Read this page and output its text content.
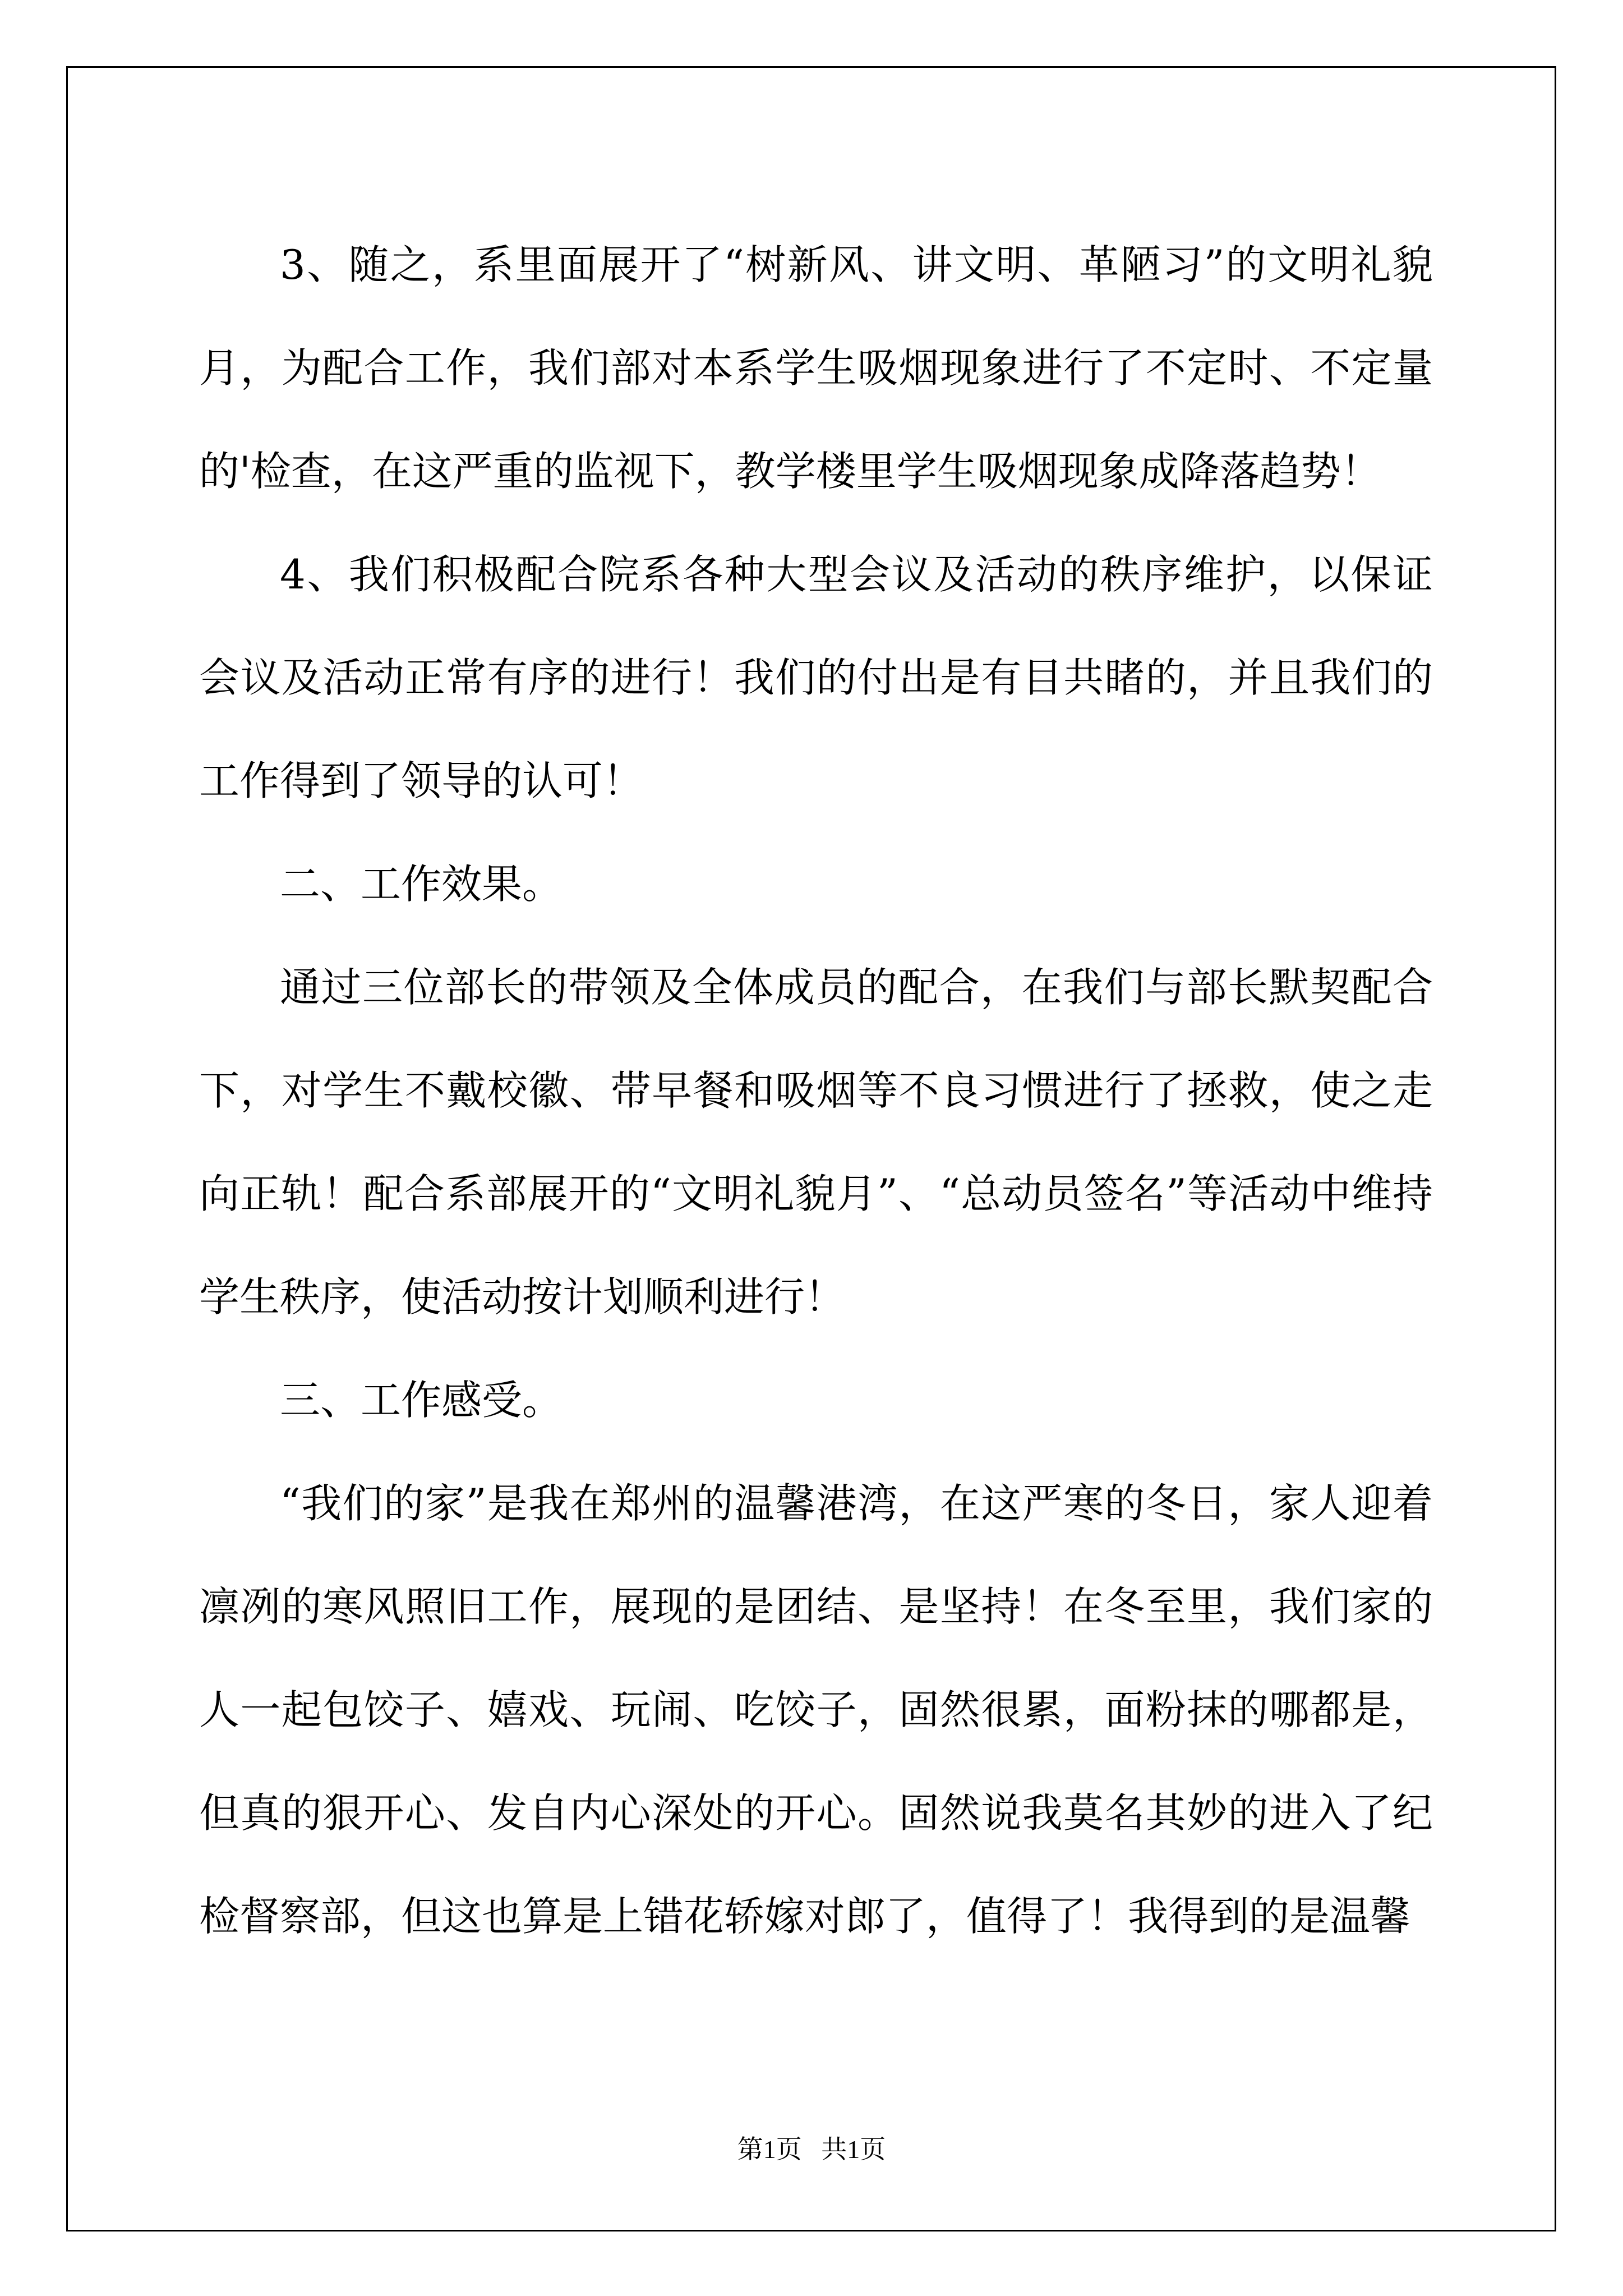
3、随之，系里面展开了“树新风、讲文明、革陋习”的文明礼貌月，为配合工作，我们部对本系学生吸烟现象进行了不定时、不定量的'检查，在这严重的监视下，教学楼里学生吸烟现象成降落趋势！

4、我们积极配合院系各种大型会议及活动的秩序维护，以保证会议及活动正常有序的进行！我们的付出是有目共睹的，并且我们的工作得到了领导的认可！

二、工作效果。

通过三位部长的带领及全体成员的配合，在我们与部长默契配合下，对学生不戴校徽、带早餐和吸烟等不良习惯进行了拯救，使之走向正轨！配合系部展开的“文明礼貌月”、“总动员签名”等活动中维持学生秩序，使活动按计划顺利进行！

三、工作感受。

“我们的家”是我在郑州的温馨港湾，在这严寒的冬日，家人迎着凛冽的寒风照旧工作，展现的是团结、是坚持！在冬至里，我们家的人一起包饺子、嬉戏、玩闹、吃饺子，固然很累，面粉抹的哪都是，但真的狠开心、发自内心深处的开心。固然说我莫名其妙的进入了纪检督察部，但这也算是上错花轿嫁对郎了，值得了！我得到的是温馨

第1页 共1页
